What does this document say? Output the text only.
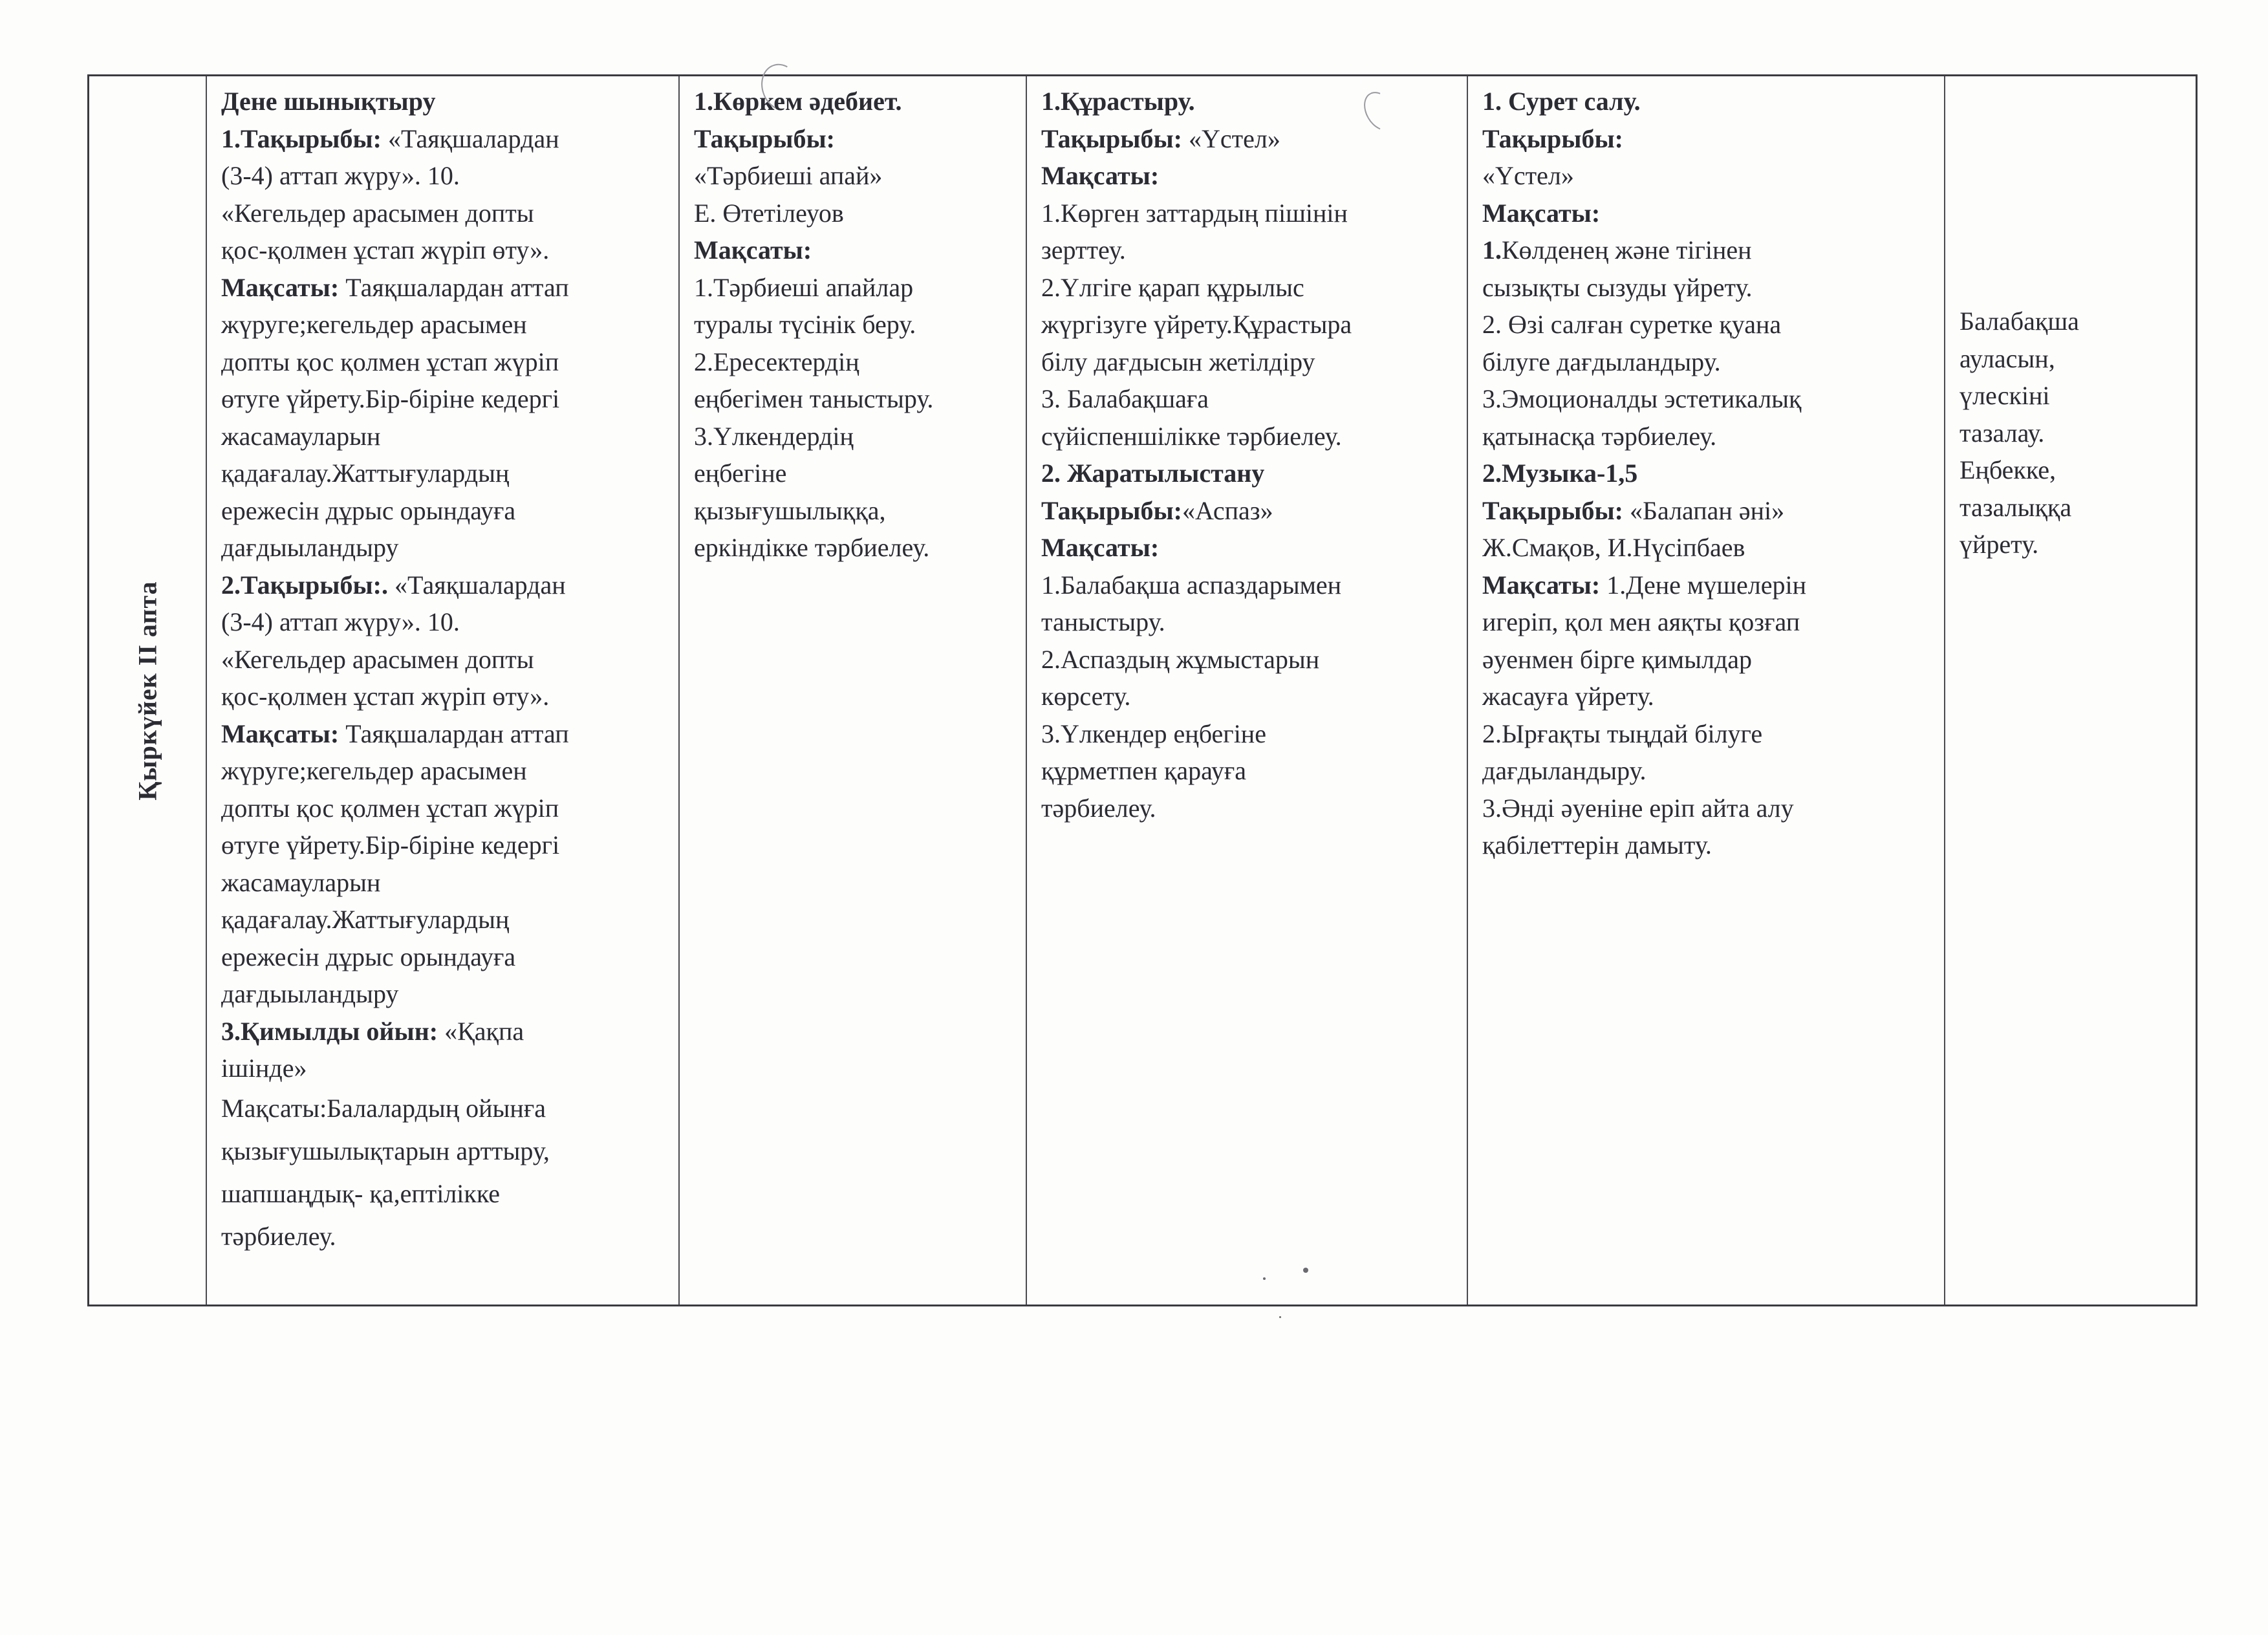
Қыркүйек ІІ апта
Дене шынықтыру
1.Тақырыбы: «Таяқшалардан
(3-4) аттап жүру». 10.
«Кегельдер арасымен допты
қос-қолмен ұстап жүріп өту».
Мақсаты: Таяқшалардан аттап
жүруге;кегельдер арасымен
допты қос қолмен ұстап жүріп
өтуге үйрету.Бір-біріне кедергі
жасамауларын
қадағалау.Жаттығулардың
ережесін дұрыс орындауға
дағдыыландыру
2.Тақырыбы:. «Таяқшалардан
(3-4) аттап жүру». 10.
«Кегельдер арасымен допты
қос-қолмен ұстап жүріп өту».
Мақсаты: Таяқшалардан аттап
жүруге;кегельдер арасымен
допты қос қолмен ұстап жүріп
өтуге үйрету.Бір-біріне кедергі
жасамауларын
қадағалау.Жаттығулардың
ережесін дұрыс орындауға
дағдыыландыру
3.Қимылды ойын: «Қақпа
ішінде»
Мақсаты:Балалардың ойынға
қызығушылықтарын арттыру,
шапшаңдық- қа,ептілікке
тәрбиелеу.
1.Көркем әдебиет.
Тақырыбы:
«Тәрбиеші апай»
Е. Өтетілеуов
Мақсаты:
1.Тәрбиеші апайлар
туралы түсінік беру.
2.Ересектердің
еңбегімен таныстыру.
3.Үлкендердің
еңбегіне
қызығушылыққа,
еркіндікке тәрбиелеу.
1.Құрастыру.
Тақырыбы: «Үстел»
Мақсаты:
1.Көрген заттардың пішінін
зерттеу.
2.Үлгіге қарап құрылыс
жүргізуге үйрету.Құрастыра
білу дағдысын жетілдіру
3. Балабақшаға
сүйіспеншілікке тәрбиелеу.
2. Жаратылыстану
Тақырыбы:«Аспаз»
Мақсаты:
1.Балабақша аспаздарымен
таныстыру.
2.Аспаздың жұмыстарын
көрсету.
3.Үлкендер еңбегіне
құрметпен қарауға
тәрбиелеу.
1. Сурет салу.
Тақырыбы:
«Үстел»
Мақсаты:
1.Көлденең және тігінен
сызықты сызуды үйрету.
2. Өзі салған суретке қуана
білуге дағдыландыру.
3.Эмоционалды эстетикалық
қатынасқа тәрбиелеу.
2.Музыка-1,5
Тақырыбы: «Балапан әні»
Ж.Смақов, И.Нүсіпбаев
Мақсаты: 1.Дене мүшелерін
игеріп, қол мен аяқты қозғап
әуенмен бірге қимылдар
жасауға үйрету.
2.Ырғақты тыңдай білуге
дағдыландыру.
3.Әнді әуеніне еріп айта алу
қабілеттерін дамыту.
Балабақша
ауласын,
үлескіні
тазалау.
Еңбекке,
тазалыққа
үйрету.
